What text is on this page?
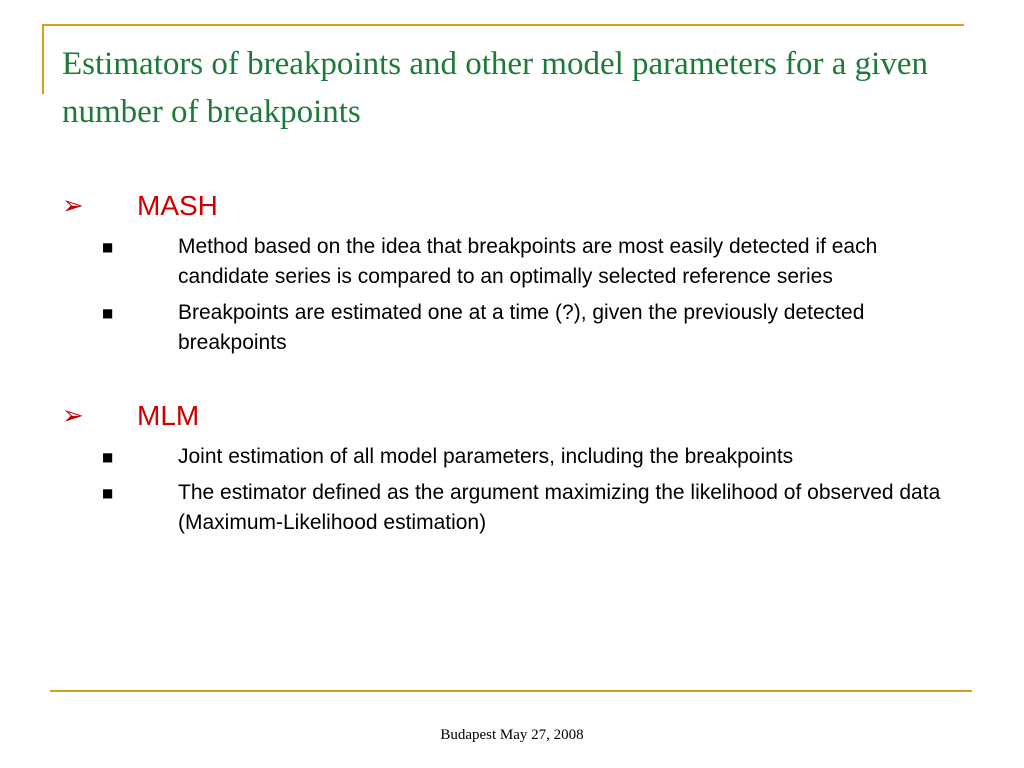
Estimators of breakpoints and other model parameters for a given number of breakpoints
➢	MASH
■	Method based on the idea that breakpoints are most easily detected if each candidate series is compared to an optimally selected reference series
■	Breakpoints are estimated one at a time (?), given the previously detected breakpoints
➢	MLM
■	Joint estimation of all model parameters, including the breakpoints
■	The estimator defined as the argument maximizing the likelihood of observed data (Maximum-Likelihood estimation)
Budapest May 27, 2008
